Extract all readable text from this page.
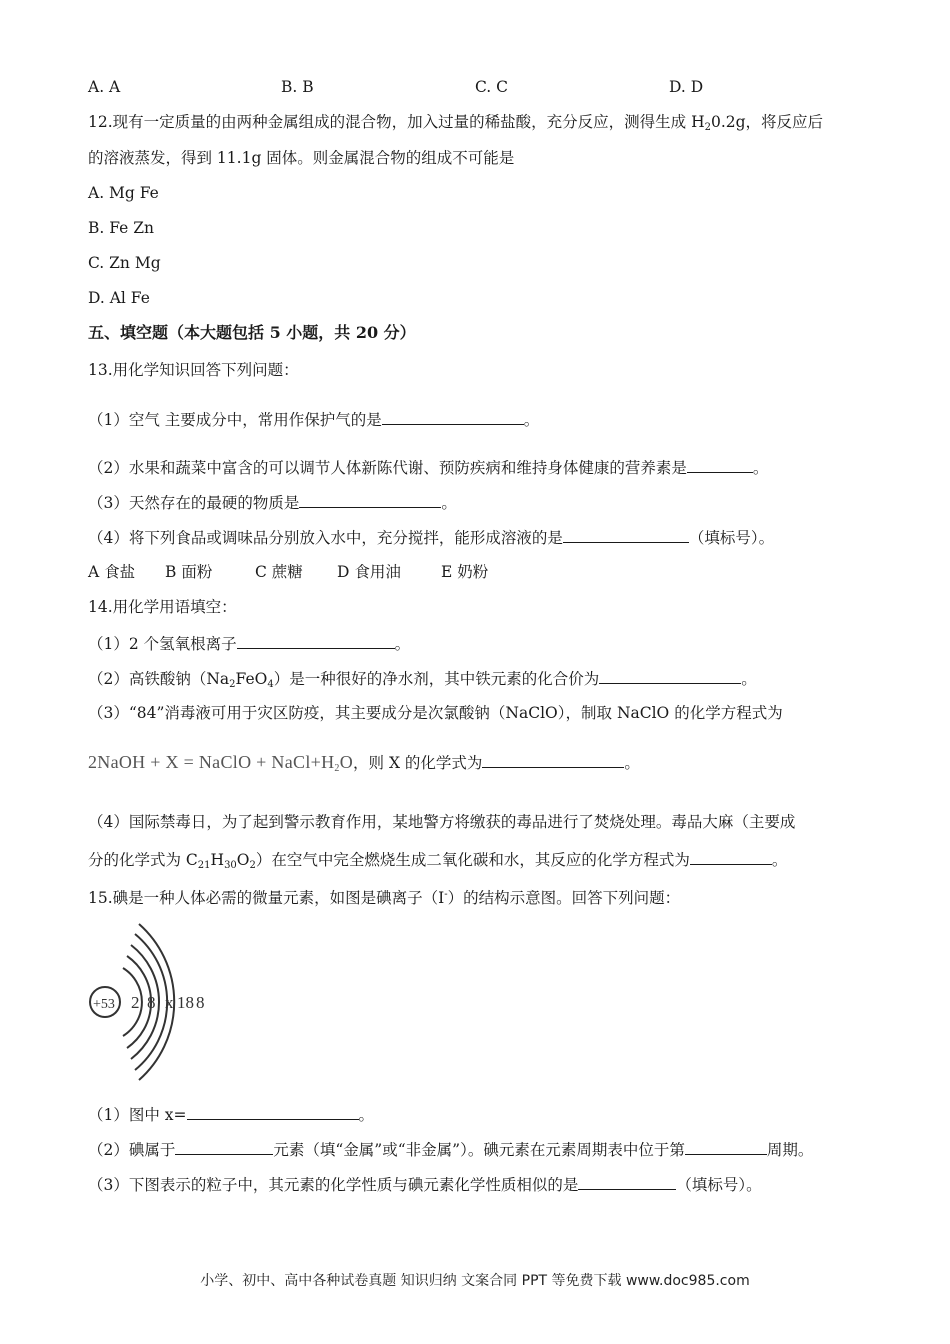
A. A	B. B	C. C	D. D
12.现有一定质量的由两种金属组成的混合物，加入过量的稀盐酸，充分反应，测得生成 $H_20.2g$，将反应后
的溶液蒸发，得到 11.1g 固体。则金属混合物的组成不可能是
A. Mg Fe
B. Fe Zn
C. Zn Mg
D. Al Fe
五、填空题（本大题包括 5 小题，共 20 分）
13.用化学知识回答下列问题：
（1）空气 主要成分中，常用作保护气的是	。
（2）水果和蔬菜中富含的可以调节人体新陈代谢、预防疾病和维持身体健康的营养素是	。
（3）天然存在的最硬的物质是	。
（4）将下列食品或调味品分别放入水中，充分搅拌，能形成溶液的是	（填标号）。
A 食盐 B 面粉	C 蔗糖 D 食用油	E 奶粉
14.用化学用语填空：
（1）2 个氢氧根离子	。
（2）高铁酸钠$(Na_2FeO_4)$是一种很好的净水剂，其中铁元素的化合价为	。
（3）“84”消毒液可用于灾区防疫，其主要成分是次氯酸钠（NaClO），制取 NaClO 的化学方程式为
2NaOH + X = NaClO + $NaCl+H_2O$，则 X 的化学式为	。
（4）国际禁毒日，为了起到警示教育作用，某地警方将缴获的毒品进行了焚烧处理。毒品大麻（主要成
分的化学式为 $C_{21}H_{30}O_2$）在空气中完全燃烧生成二氧化碳和水，其反应的化学方程式为	。
15.碘是一种人体必需的微量元素，如图是碘离子（I-）的结构示意图。回答下列问题：
+53 2 8 x 18 8
（1）图中 x=	。
（2）碘属于	元素（填“金属”或“非金属”）。碘元素在元素周期表中位于第	周期。
（3）下图表示的粒子中，其元素的化学性质与碘元素化学性质相似的是	（填标号）。
小学、初中、高中各种试卷真题 知识归纳 文案合同 PPT 等免费下载 www.doc985.com
